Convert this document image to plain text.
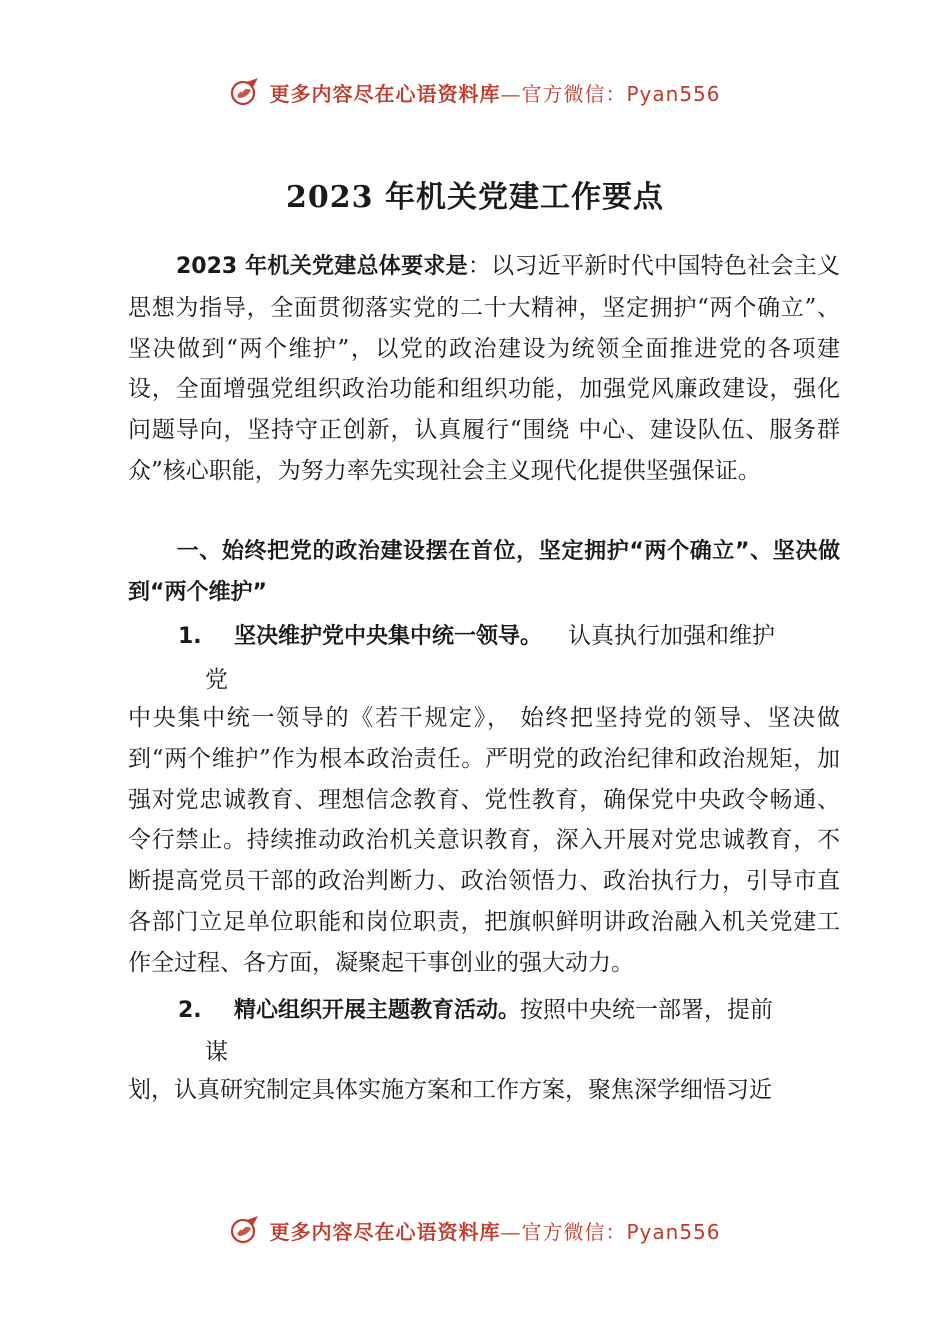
更多内容尽在心语资料库—官方微信：Pyan556
2023 年机关党建工作要点

2023 年机关党建总体要求是：以习近平新时代中国特色社会主义思想为指导，全面贯彻落实党的二十大精神，坚定拥护“两个确立”、坚决做到“两个维护”，以党的政治建设为统领全面推进党的各项建设，全面增强党组织政治功能和组织功能，加强党风廉政建设，强化问题导向，坚持守正创新，认真履行“围绕 中心、建设队伍、服务群众”核心职能，为努力率先实现社会主义现代化提供坚强保证。

一、始终把党的政治建设摆在首位，坚定拥护“两个确立”、坚决做到“两个维护”

1. 坚决维护党中央集中统一领导。 认真执行加强和维护

党

中央集中统一领导的《若干规定》， 始终把坚持党的领导、坚决做到“两个维护”作为根本政治责任。严明党的政治纪律和政治规矩，加强对党忠诚教育、理想信念教育、党性教育，确保党中央政令畅通、令行禁止。持续推动政治机关意识教育，深入开展对党忠诚教育，不断提高党员干部的政治判断力、政治领悟力、政治执行力，引导市直各部门立足单位职能和岗位职责，把旗帜鲜明讲政治融入机关党建工作全过程、各方面，凝聚起干事创业的强大动力。

2. 精心组织开展主题教育活动。按照中央统一部署，提前

谋

划，认真研究制定具体实施方案和工作方案，聚焦深学细悟习近

更多内容尽在心语资料库—官方微信：Pyan556
